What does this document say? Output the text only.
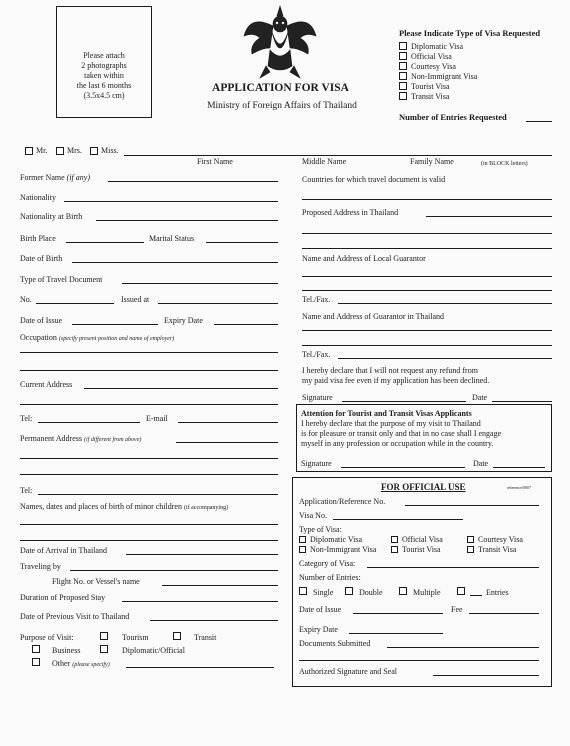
Please attach
2 photographs
taken within
the last 6 months
(3.5x4.5 cm)
APPLICATION FOR VISA
Ministry of Foreign Affairs of Thailand
Please Indicate Type of Visa Requested
Diplomatic Visa
Official Visa
Courtesy Visa
Non-Immigrant Visa
Tourist Visa
Transit Visa
Number of Entries Requested
Mr. Mrs. Miss.
First Name	Middle Name	Family Name	(in BLOCK letters)
Former Name (if any)
Nationality
Nationality at Birth
Birth Place	Marital Status
Date of Birth
Type of Travel Document
No.	Issued at
Date of Issue	Expiry Date
Occupation (specify present position and name of employer)
Current Address
Tel:	E-mail
Permanent Address (if different from above)
Tel:
Names, dates and places of birth of minor children (if accompanying)
Date of Arrival in Thailand
Traveling by
Flight No. or Vessel's name
Duration of Proposed Stay
Date of Previous Visit to Thailand
Purpose of Visit:	Tourism	Transit
Business	Diplomatic/Official
Other (please specify)
Countries for which travel document is valid
Proposed Address in Thailand
Name and Address of Local Guarantor
Tel./Fax.
Name and Address of Guarantor in Thailand
Tel./Fax.
I hereby declare that I will not request any refund from
my paid visa fee even if my application has been declined.
Signature	Date
Attention for Tourist and Transit Visas Applicants
I hereby declare that the purpose of my visit to Thailand
is for pleasure or transit only and that in no case shall I engage
myself in any profession or occupation while in the country.
Signature	Date
FOR OFFICIAL USE	reference/0807
Application/Reference No.
Visa No.
Type of Visa:
Diplomatic Visa	Official Visa	Courtesy Visa
Non-Immigrant Visa	Tourist Visa	Transit Visa
Category of Visa:
Number of Entries:
Single	Double	Multiple	Entries
Date of Issue	Fee
Expiry Date
Documents Submitted
Authorized Signature and Seal
